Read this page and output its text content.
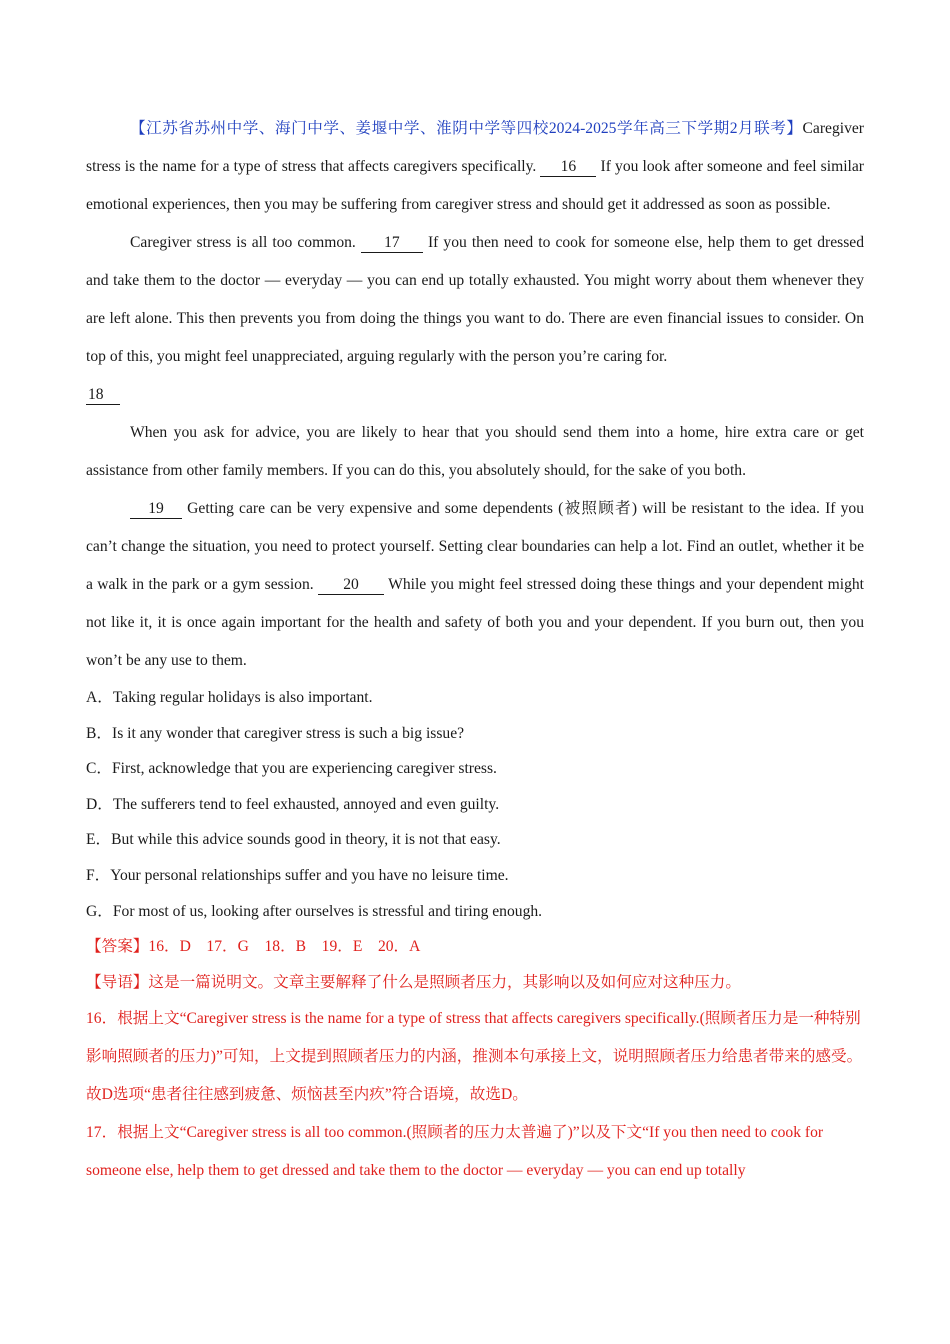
【江苏省苏州中学、海门中学、姜堰中学、淮阴中学等四校2024-2025学年高三下学期2月联考】Caregiver stress is the name for a type of stress that affects caregivers specifically. 16 If you look after someone and feel similar emotional experiences, then you may be suffering from caregiver stress and should get it addressed as soon as possible.

Caregiver stress is all too common. 17 If you then need to cook for someone else, help them to get dressed and take them to the doctor — everyday — you can end up totally exhausted. You might worry about them whenever they are left alone. This then prevents you from doing the things you want to do. There are even financial issues to consider. On top of this, you might feel unappreciated, arguing regularly with the person you’re caring for.

18

When you ask for advice, you are likely to hear that you should send them into a home, hire extra care or get assistance from other family members. If you can do this, you absolutely should, for the sake of you both.

19 Getting care can be very expensive and some dependents (被照顾者) will be resistant to the idea. If you can’t change the situation, you need to protect yourself. Setting clear boundaries can help a lot. Find an outlet, whether it be a walk in the park or a gym session. 20 While you might feel stressed doing these things and your dependent might not like it, it is once again important for the health and safety of both you and your dependent. If you burn out, then you won’t be any use to them.

A．Taking regular holidays is also important.

B．Is it any wonder that caregiver stress is such a big issue?

C．First, acknowledge that you are experiencing caregiver stress.

D．The sufferers tend to feel exhausted, annoyed and even guilty.

E．But while this advice sounds good in theory, it is not that easy.

F．Your personal relationships suffer and you have no leisure time.

G．For most of us, looking after ourselves is stressful and tiring enough.

【答案】16．D　17．G　18．B　19．E　20．A

【导语】这是一篇说明文。文章主要解释了什么是照顾者压力，其影响以及如何应对这种压力。

16．根据上文“Caregiver stress is the name for a type of stress that affects caregivers specifically.(照顾者压力是一种特别影响照顾者的压力)”可知，上文提到照顾者压力的内涵，推测本句承接上文，说明照顾者压力给患者带来的感受。故D选项“患者往往感到疲惫、烦恼甚至内疚”符合语境，故选D。

17．根据上文“Caregiver stress is all too common.(照顾者的压力太普遍了)”以及下文“If you then need to cook for someone else, help them to get dressed and take them to the doctor — everyday — you can end up totally
